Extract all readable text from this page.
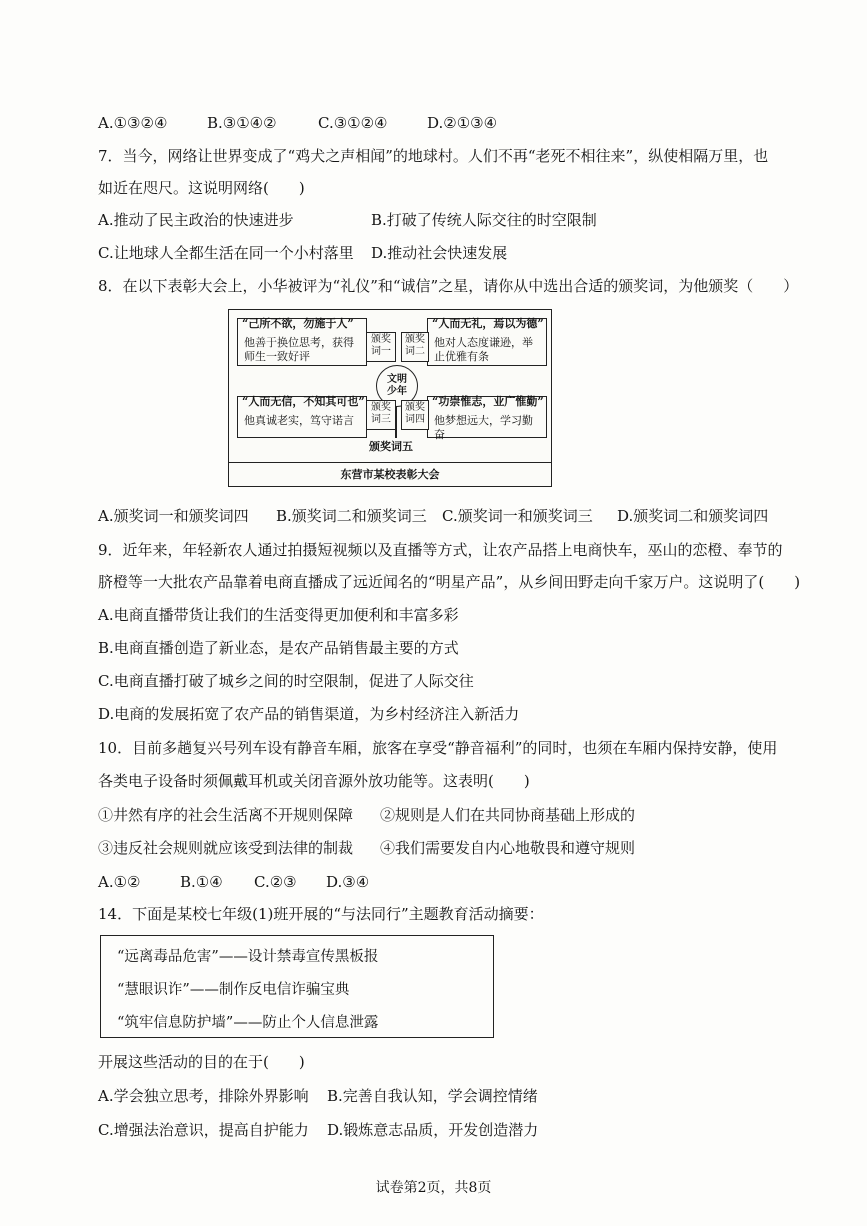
A.①③②④	B.③①④②	C.③①②④	D.②①③④
7．当今，网络让世界变成了“鸡犬之声相闻”的地球村。人们不再“老死不相往来”，纵使相隔万里，也
如近在咫尺。这说明网络(　　)
A.推动了民主政治的快速进步	B.打破了传统人际交往的时空限制
C.让地球人全都生活在同一个小村落里 D.推动社会快速发展
8．在以下表彰大会上，小华被评为“礼仪”和“诚信”之星，请你从中选出合适的颁奖词，为他颁奖（　　）
“己所不欲，勿施于人”
他善于换位思考，获得师生一致好评
颁奖词一
“人而无礼，焉以为德”
他对人态度谦逊，举止优雅有条
颁奖词二
文明少年
“人而无信，不知其可也”
他真诚老实，笃守诺言
颁奖词三
“功崇惟志，业广惟勤”
他梦想远大，学习勤奋
颁奖词四
颁奖词五
东营市某校表彰大会
A.颁奖词一和颁奖词四 B.颁奖词二和颁奖词三 C.颁奖词一和颁奖词三 D.颁奖词二和颁奖词四
9．近年来，年轻新农人通过拍摄短视频以及直播等方式，让农产品搭上电商快车，巫山的恋橙、奉节的
脐橙等一大批农产品靠着电商直播成了远近闻名的“明星产品”，从乡间田野走向千家万户。这说明了(　　)
A.电商直播带货让我们的生活变得更加便利和丰富多彩
B.电商直播创造了新业态，是农产品销售最主要的方式
C.电商直播打破了城乡之间的时空限制，促进了人际交往
D.电商的发展拓宽了农产品的销售渠道，为乡村经济注入新活力
10．目前多趟复兴号列车设有静音车厢，旅客在享受“静音福利”的同时，也须在车厢内保持安静，使用
各类电子设备时须佩戴耳机或关闭音源外放功能等。这表明(　　)
①井然有序的社会生活离不开规则保障 ②规则是人们在共同协商基础上形成的
③违反社会规则就应该受到法律的制裁 ④我们需要发自内心地敬畏和遵守规则
A.①②	B.①④ C.②③ D.③④
14．下面是某校七年级(1)班开展的“与法同行”主题教育活动摘要：
“远离毒品危害”——设计禁毒宣传黑板报
“慧眼识诈”——制作反电信诈骗宝典
“筑牢信息防护墙”——防止个人信息泄露
开展这些活动的目的在于(　　)
A.学会独立思考，排除外界影响 B.完善自我认知，学会调控情绪
C.增强法治意识，提高自护能力 D.锻炼意志品质，开发创造潜力
试卷第2页，共8页
